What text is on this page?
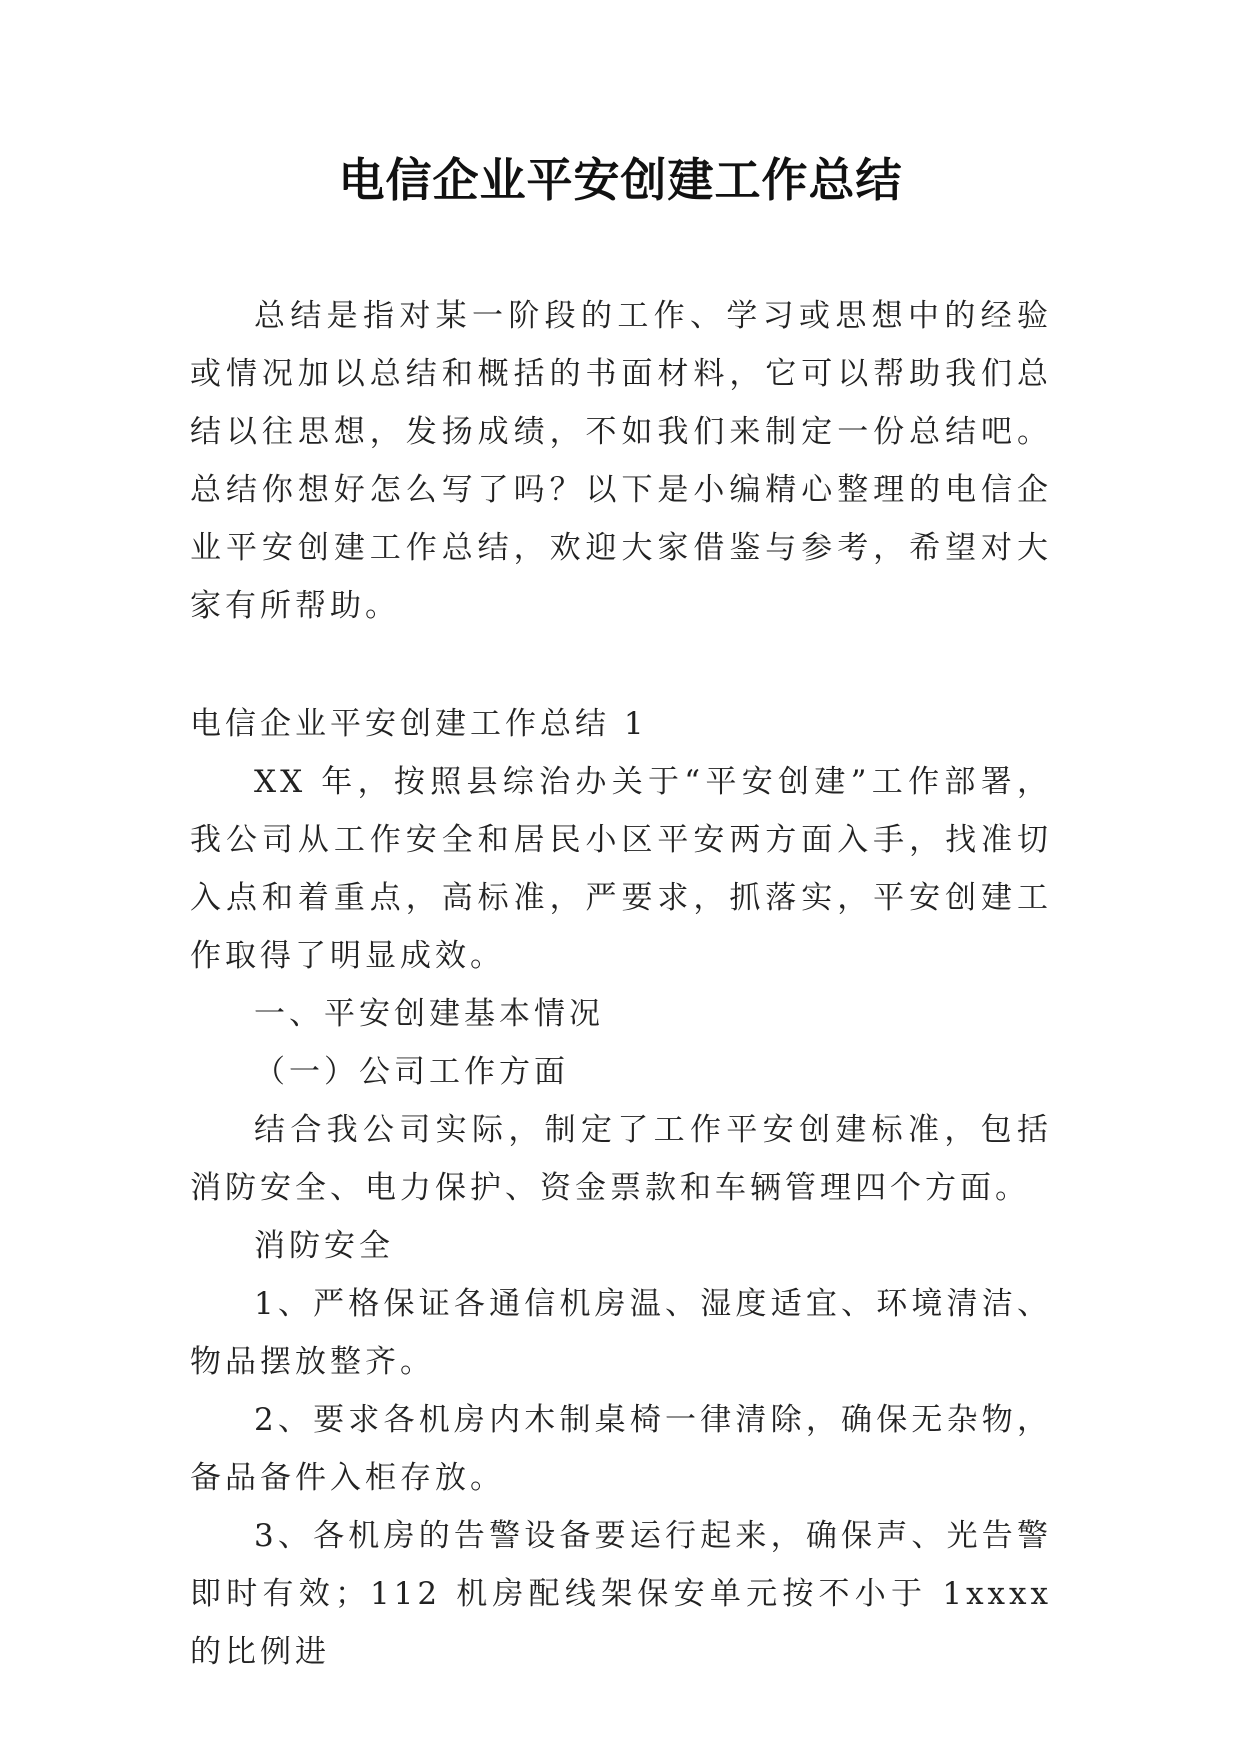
电信企业平安创建工作总结

总结是指对某一阶段的工作、学习或思想中的经验或情况加以总结和概括的书面材料，它可以帮助我们总结以往思想，发扬成绩，不如我们来制定一份总结吧。总结你想好怎么写了吗？以下是小编精心整理的电信企业平安创建工作总结，欢迎大家借鉴与参考，希望对大家有所帮助。

电信企业平安创建工作总结 1

XX 年，按照县综治办关于“平安创建”工作部署，我公司从工作安全和居民小区平安两方面入手，找准切入点和着重点，高标准，严要求，抓落实，平安创建工作取得了明显成效。

一、平安创建基本情况

（一）公司工作方面

结合我公司实际，制定了工作平安创建标准，包括消防安全、电力保护、资金票款和车辆管理四个方面。

消防安全

1、严格保证各通信机房温、湿度适宜、环境清洁、物品摆放整齐。

2、要求各机房内木制桌椅一律清除，确保无杂物，备品备件入柜存放。

3、各机房的告警设备要运行起来，确保声、光告警即时有效；112 机房配线架保安单元按不小于 1xxxx 的比例进
